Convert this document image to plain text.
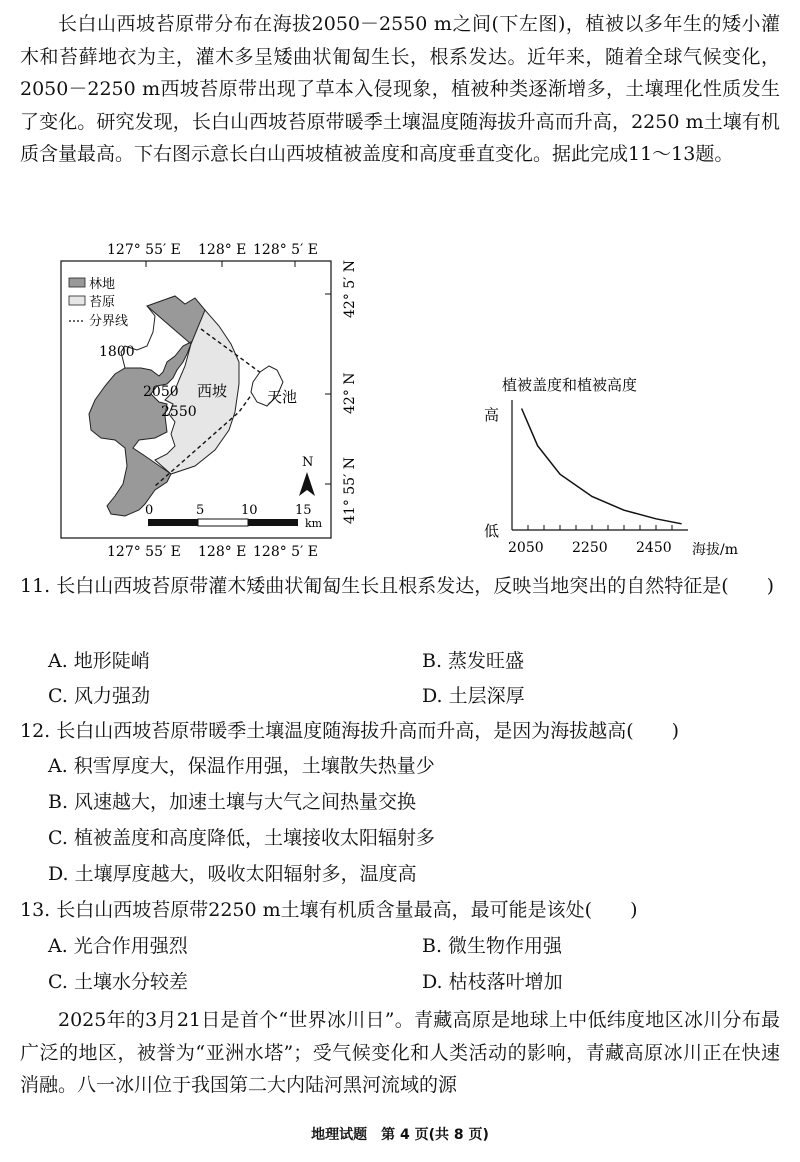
长白山西坡苔原带分布在海拔2050－2550 m之间(下左图)，植被以多年生的矮小灌木和苔藓地衣为主，灌木多呈矮曲状匍匐生长，根系发达。近年来，随着全球气候变化，2050－2250 m西坡苔原带出现了草本入侵现象，植被种类逐渐增多，土壤理化性质发生了变化。研究发现，长白山西坡苔原带暖季土壤温度随海拔升高而升高，2250 m土壤有机质含量最高。下右图示意长白山西坡植被盖度和高度垂直变化。据此完成11～13题。

127° 55′ E 128° E 128° 5′ E
42° 5′ N
42° N
41° 55′ N
林地
苔原
分界线
1800
2050
2550
西坡	天池
N
0	5	10	15
km
127° 55′ E 128° E 128° 5′ E
植被盖度和植被高度
高
低
2050 2250 2450 海拔/m

11. 长白山西坡苔原带灌木矮曲状匍匐生长且根系发达，反映当地突出的自然特征是(　　)

A. 地形陡峭	B. 蒸发旺盛
C. 风力强劲	D. 土层深厚

12. 长白山西坡苔原带暖季土壤温度随海拔升高而升高，是因为海拔越高(　　)

A. 积雪厚度大，保温作用强，土壤散失热量少
B. 风速越大，加速土壤与大气之间热量交换
C. 植被盖度和高度降低，土壤接收太阳辐射多
D. 土壤厚度越大，吸收太阳辐射多，温度高

13. 长白山西坡苔原带2250 m土壤有机质含量最高，最可能是该处(　　)

A. 光合作用强烈	B. 微生物作用强
C. 土壤水分较差	D. 枯枝落叶增加

2025年的3月21日是首个“世界冰川日”。青藏高原是地球上中低纬度地区冰川分布最广泛的地区，被誉为“亚洲水塔”；受气候变化和人类活动的影响，青藏高原冰川正在快速消融。八一冰川位于我国第二大内陆河黑河流域的源

地理试题　第 4 页(共 8 页)
